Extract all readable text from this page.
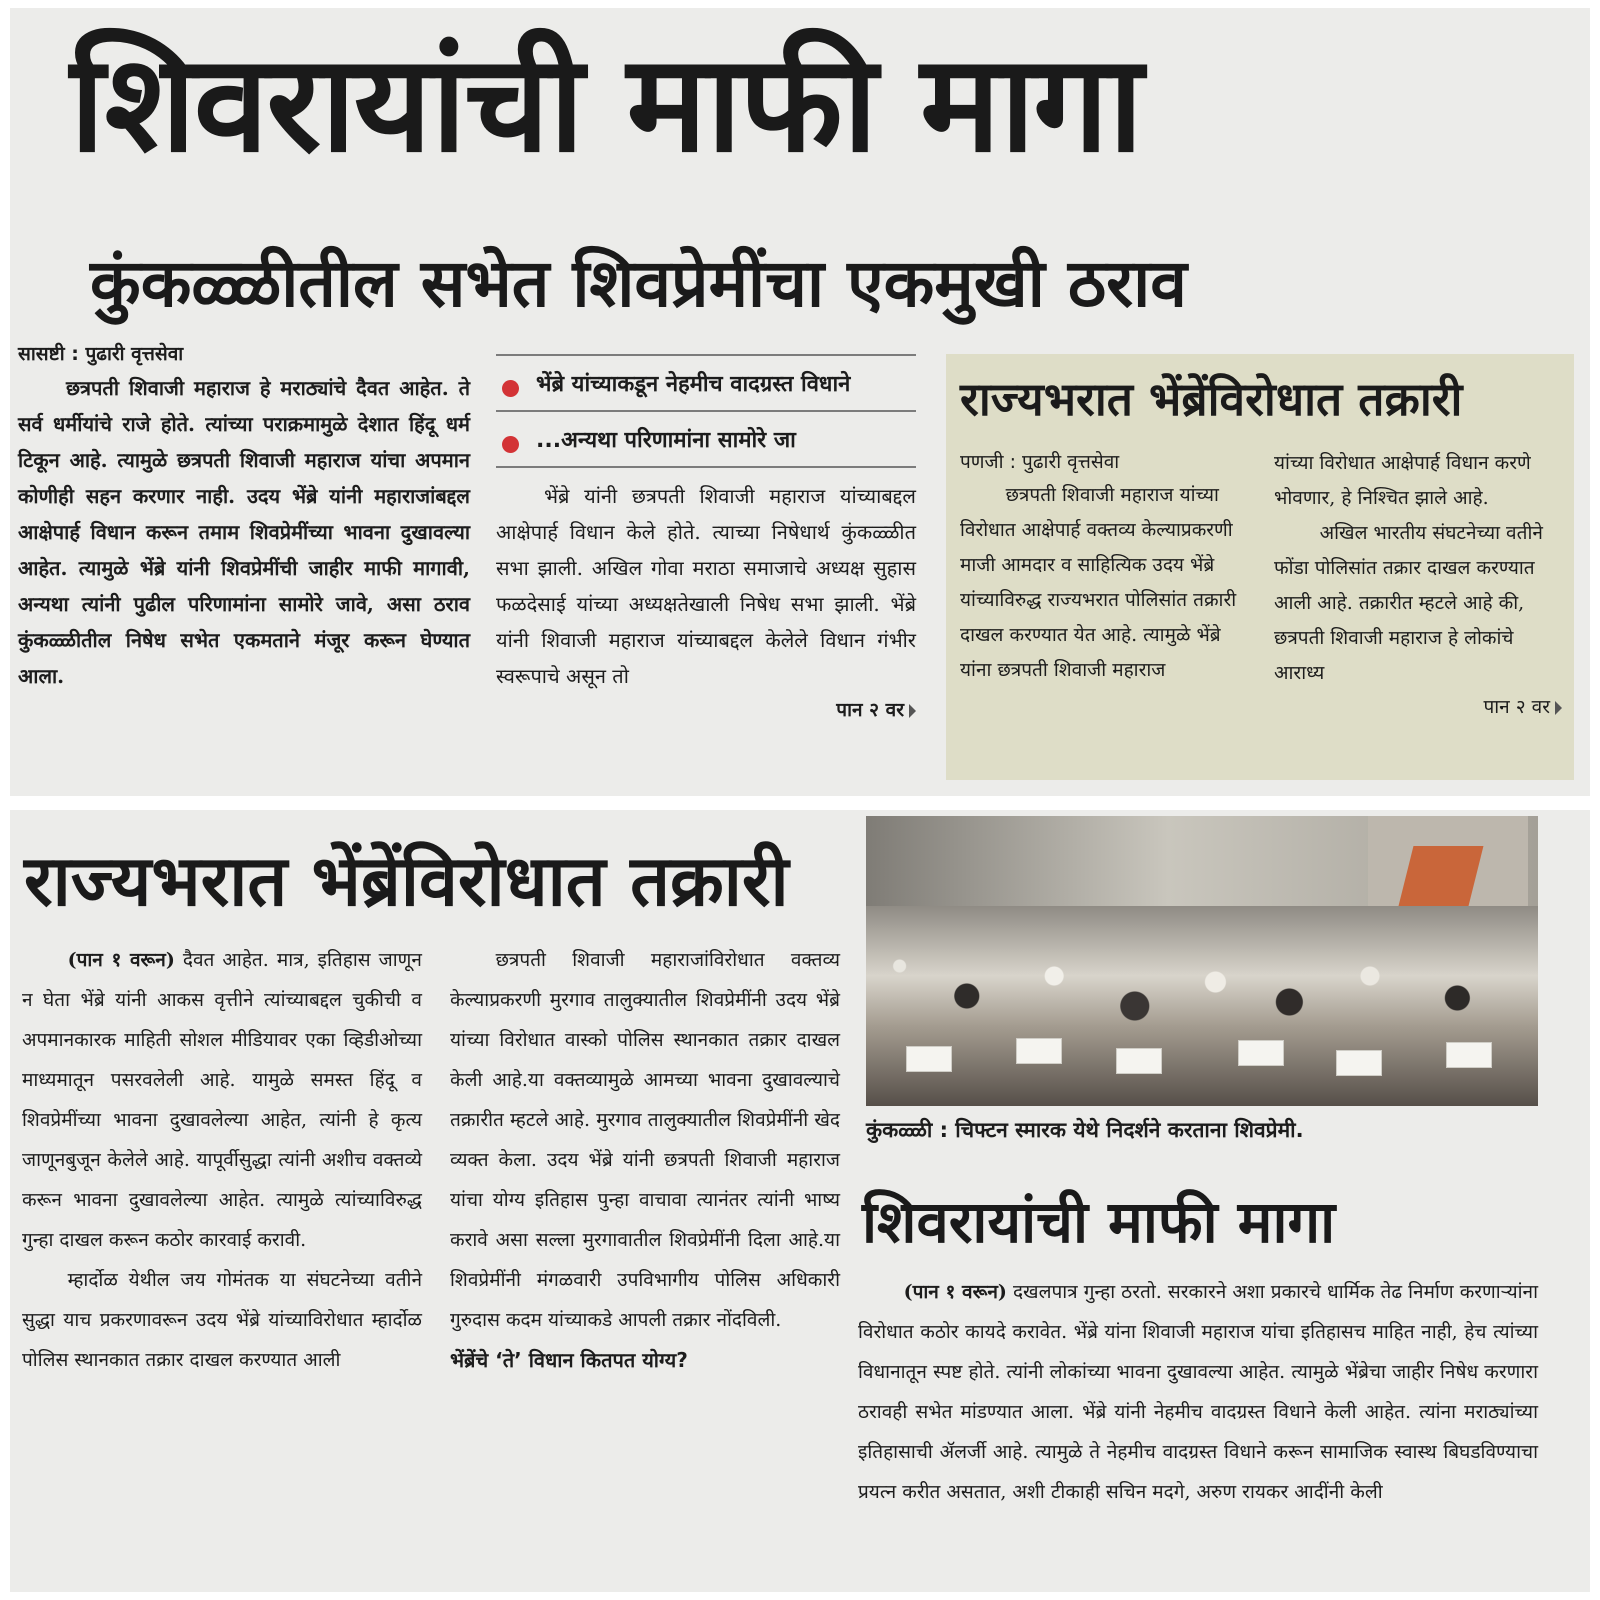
शिवरायांची माफी मागा
कुंकळ्ळीतील सभेत शिवप्रेमींचा एकमुखी ठराव
सासष्टी : पुढारी वृत्तसेवा

छत्रपती शिवाजी महाराज हे मराठ्यांचे दैवत आहेत. ते सर्व धर्मीयांचे राजे होते. त्यांच्या पराक्रमामुळे देशात हिंदू धर्म टिकून आहे. त्यामुळे छत्रपती शिवाजी महाराज यांचा अपमान कोणीही सहन करणार नाही. उदय भेंब्रे यांनी महाराजांबद्दल आक्षेपार्ह विधान करून तमाम शिवप्रेमींच्या भावना दुखावल्या आहेत. त्यामुळे भेंब्रे यांनी शिवप्रेमींची जाहीर माफी मागावी, अन्यथा त्यांनी पुढील परिणामांना सामोरे जावे, असा ठराव कुंकळ्ळीतील निषेध सभेत एकमताने मंजूर करून घेण्यात आला.

भेंब्रे यांच्याकडून नेहमीच वादग्रस्त विधाने
...अन्यथा परिणामांना सामोरे जा

भेंब्रे यांनी छत्रपती शिवाजी महाराज यांच्याबद्दल आक्षेपार्ह विधान केले होते. त्याच्या निषेधार्थ कुंकळ्ळीत सभा झाली. अखिल गोवा मराठा समाजाचे अध्यक्ष सुहास फळदेसाई यांच्या अध्यक्षतेखाली निषेध सभा झाली. भेंब्रे यांनी शिवाजी महाराज यांच्याबद्दल केलेले विधान गंभीर स्वरूपाचे असून तो

पान २ वर
राज्यभरात भेंब्रेंविरोधात तक्रारी
पणजी : पुढारी वृत्तसेवा

छत्रपती शिवाजी महाराज यांच्या विरोधात आक्षेपार्ह वक्तव्य केल्याप्रकरणी माजी आमदार व साहित्यिक उदय भेंब्रे यांच्याविरुद्ध राज्यभरात पोलिसांत तक्रारी दाखल करण्यात येत आहे. त्यामुळे भेंब्रे यांना छत्रपती शिवाजी महाराज

यांच्या विरोधात आक्षेपार्ह विधान करणे भोवणार, हे निश्चित झाले आहे.

अखिल भारतीय संघटनेच्या वतीने फोंडा पोलिसांत तक्रार दाखल करण्यात आली आहे. तक्रारीत म्हटले आहे की, छत्रपती शिवाजी महाराज हे लोकांचे आराध्य

पान २ वर
राज्यभरात भेंब्रेंविरोधात तक्रारी

(पान १ वरून) दैवत आहेत. मात्र, इतिहास जाणून न घेता भेंब्रे यांनी आकस वृत्तीने त्यांच्याबद्दल चुकीची व अपमानकारक माहिती सोशल मीडियावर एका व्हिडीओच्या माध्यमातून पसरवलेली आहे. यामुळे समस्त हिंदू व शिवप्रेमींच्या भावना दुखावलेल्या आहेत, त्यांनी हे कृत्य जाणूनबुजून केलेले आहे. यापूर्वीसुद्धा त्यांनी अशीच वक्तव्ये करून भावना दुखावलेल्या आहेत. त्यामुळे त्यांच्याविरुद्ध गुन्हा दाखल करून कठोर कारवाई करावी.

म्हार्दोळ येथील जय गोमंतक या संघटनेच्या वतीने सुद्धा याच प्रकरणावरून उदय भेंब्रे यांच्याविरोधात म्हार्दोळ पोलिस स्थानकात तक्रार दाखल करण्यात आली

छत्रपती शिवाजी महाराजांविरोधात वक्तव्य केल्याप्रकरणी मुरगाव तालुक्यातील शिवप्रेमींनी उदय भेंब्रे यांच्या विरोधात वास्को पोलिस स्थानकात तक्रार दाखल केली आहे.या वक्तव्यामुळे आमच्या भावना दुखावल्याचे तक्रारीत म्हटले आहे. मुरगाव तालुक्यातील शिवप्रेमींनी खेद व्यक्त केला. उदय भेंब्रे यांनी छत्रपती शिवाजी महाराज यांचा योग्य इतिहास पुन्हा वाचावा त्यानंतर त्यांनी भाष्य करावे असा सल्ला मुरगावातील शिवप्रेमींनी दिला आहे.या शिवप्रेमींनी मंगळवारी उपविभागीय पोलिस अधिकारी गुरुदास कदम यांच्याकडे आपली तक्रार नोंदविली.

भेंब्रेंचे ‘ते’ विधान कितपत योग्य?
कुंकळ्ळी : चिफ्टन स्मारक येथे निदर्शने करताना शिवप्रेमी.
शिवरायांची माफी मागा

(पान १ वरून) दखलपात्र गुन्हा ठरतो. सरकारने अशा प्रकारचे धार्मिक तेढ निर्माण करणाऱ्यांना विरोधात कठोर कायदे करावेत. भेंब्रे यांना शिवाजी महाराज यांचा इतिहासच माहित नाही, हेच त्यांच्या विधानातून स्पष्ट होते. त्यांनी लोकांच्या भावना दुखावल्या आहेत. त्यामुळे भेंब्रेचा जाहीर निषेध करणारा ठरावही सभेत मांडण्यात आला. भेंब्रे यांनी नेहमीच वादग्रस्त विधाने केली आहेत. त्यांना मराठ्यांच्या इतिहासाची ॲलर्जी आहे. त्यामुळे ते नेहमीच वादग्रस्त विधाने करून सामाजिक स्वास्थ बिघडविण्याचा प्रयत्न करीत असतात, अशी टीकाही सचिन मदगे, अरुण रायकर आदींनी केली
